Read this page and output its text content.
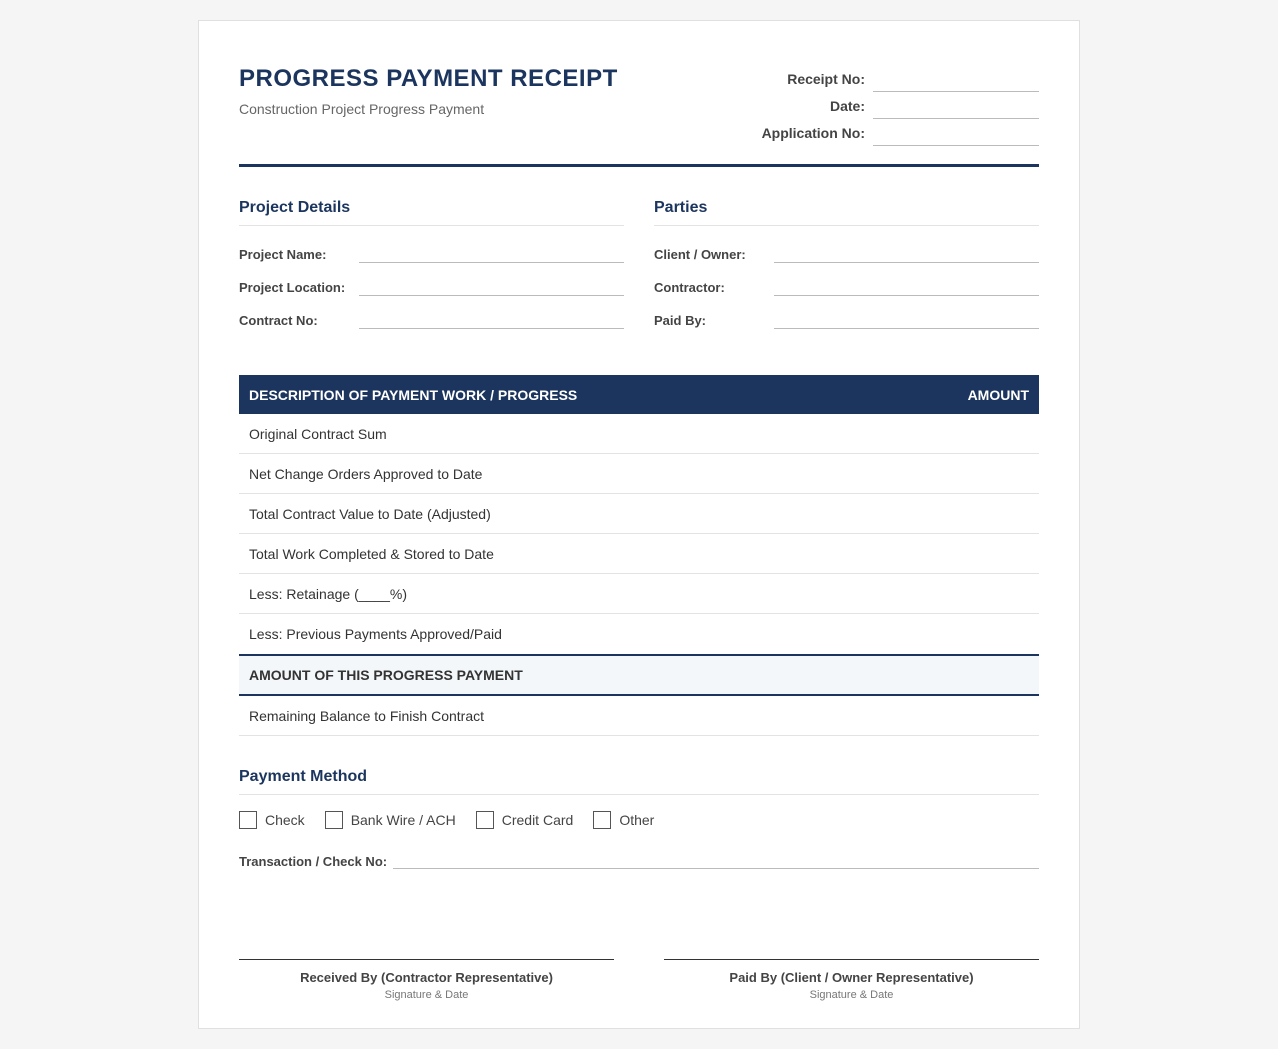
PROGRESS PAYMENT RECEIPT
Construction Project Progress Payment
Receipt No:
Date:
Application No:
Project Details
Project Name:
Project Location:
Contract No:
Parties
Client / Owner:
Contractor:
Paid By:
DESCRIPTION OF PAYMENT WORK / PROGRESS	AMOUNT
Original Contract Sum
Net Change Orders Approved to Date
Total Contract Value to Date (Adjusted)
Total Work Completed & Stored to Date
Less: Retainage (____%)
Less: Previous Payments Approved/Paid
AMOUNT OF THIS PROGRESS PAYMENT
Remaining Balance to Finish Contract
Payment Method
Check	Bank Wire / ACH	Credit Card	Other
Transaction / Check No:
Received By (Contractor Representative)
Signature & Date
Paid By (Client / Owner Representative)
Signature & Date
